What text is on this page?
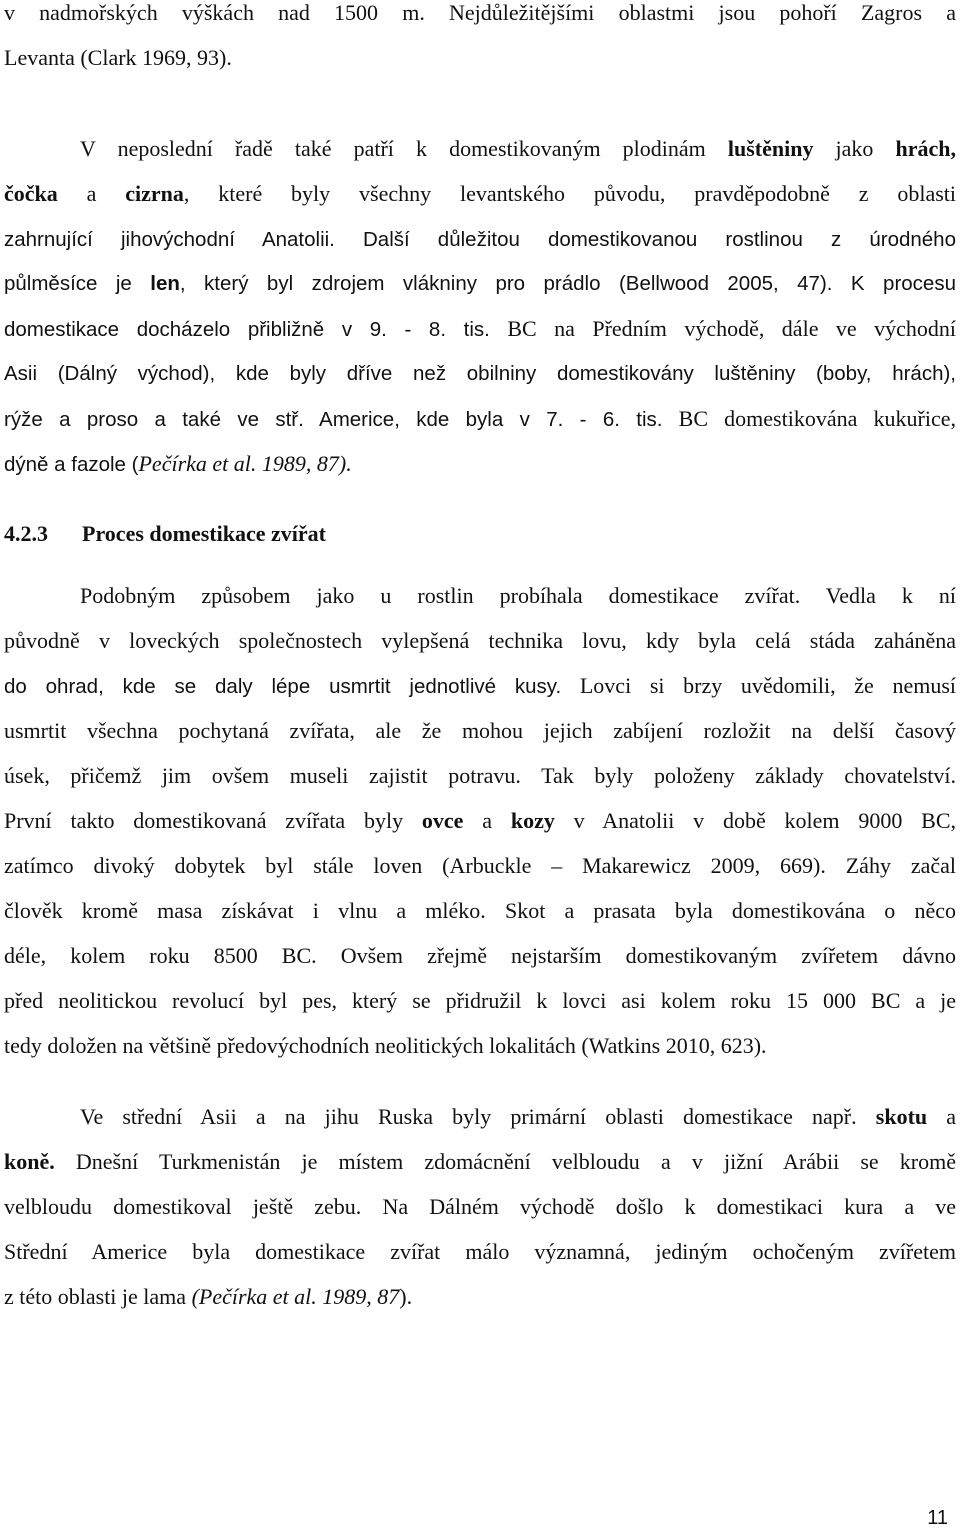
v nadmořských výškách nad 1500 m. Nejdůležitějšími oblastmi jsou pohoří Zagros a
Levanta (Clark 1969, 93).
V neposlední řadě také patří k domestikovaným plodinám luštěniny jako hrách,
čočka a cizrna, které byly všechny levantského původu, pravděpodobně z oblasti
zahrnující jihovýchodní Anatolii. Další důležitou domestikovanou rostlinou z úrodného
půlměsíce je len, který byl zdrojem vlákniny pro prádlo (Bellwood 2005, 47). K procesu
domestikace docházelo přibližně v 9. - 8. tis. BC na Předním východě, dále ve východní
Asii (Dálný východ), kde byly dříve než obilniny domestikovány luštěniny (boby, hrách),
rýže a proso a také ve stř. Americe, kde byla v 7. - 6. tis. BC domestikována kukuřice,
dýně a fazole (Pečírka et al. 1989, 87).
4.2.3 Proces domestikace zvířat
Podobným způsobem jako u rostlin probíhala domestikace zvířat. Vedla k ní
původně v loveckých společnostech vylepšená technika lovu, kdy byla celá stáda zaháněna
do ohrad, kde se daly lépe usmrtit jednotlivé kusy. Lovci si brzy uvědomili, že nemusí
usmrtit všechna pochytaná zvířata, ale že mohou jejich zabíjení rozložit na delší časový
úsek, přičemž jim ovšem museli zajistit potravu. Tak byly položeny základy chovatelství.
První takto domestikovaná zvířata byly ovce a kozy v Anatolii v době kolem 9000 BC,
zatímco divoký dobytek byl stále loven (Arbuckle – Makarewicz 2009, 669). Záhy začal
člověk kromě masa získávat i vlnu a mléko. Skot a prasata byla domestikována o něco
déle, kolem roku 8500 BC. Ovšem zřejmě nejstarším domestikovaným zvířetem dávno
před neolitickou revolucí byl pes, který se přidružil k lovci asi kolem roku 15 000 BC a je
tedy doložen na většině předovýchodních neolitických lokalitách (Watkins 2010, 623).
Ve střední Asii a na jihu Ruska byly primární oblasti domestikace např. skotu a
koně. Dnešní Turkmenistán je místem zdomácnění velbloudu a v jižní Arábii se kromě
velbloudu domestikoval ještě zebu. Na Dálném východě došlo k domestikaci kura a ve
Střední Americe byla domestikace zvířat málo významná, jediným ochočeným zvířetem
z této oblasti je lama (Pečírka et al. 1989, 87).
11
